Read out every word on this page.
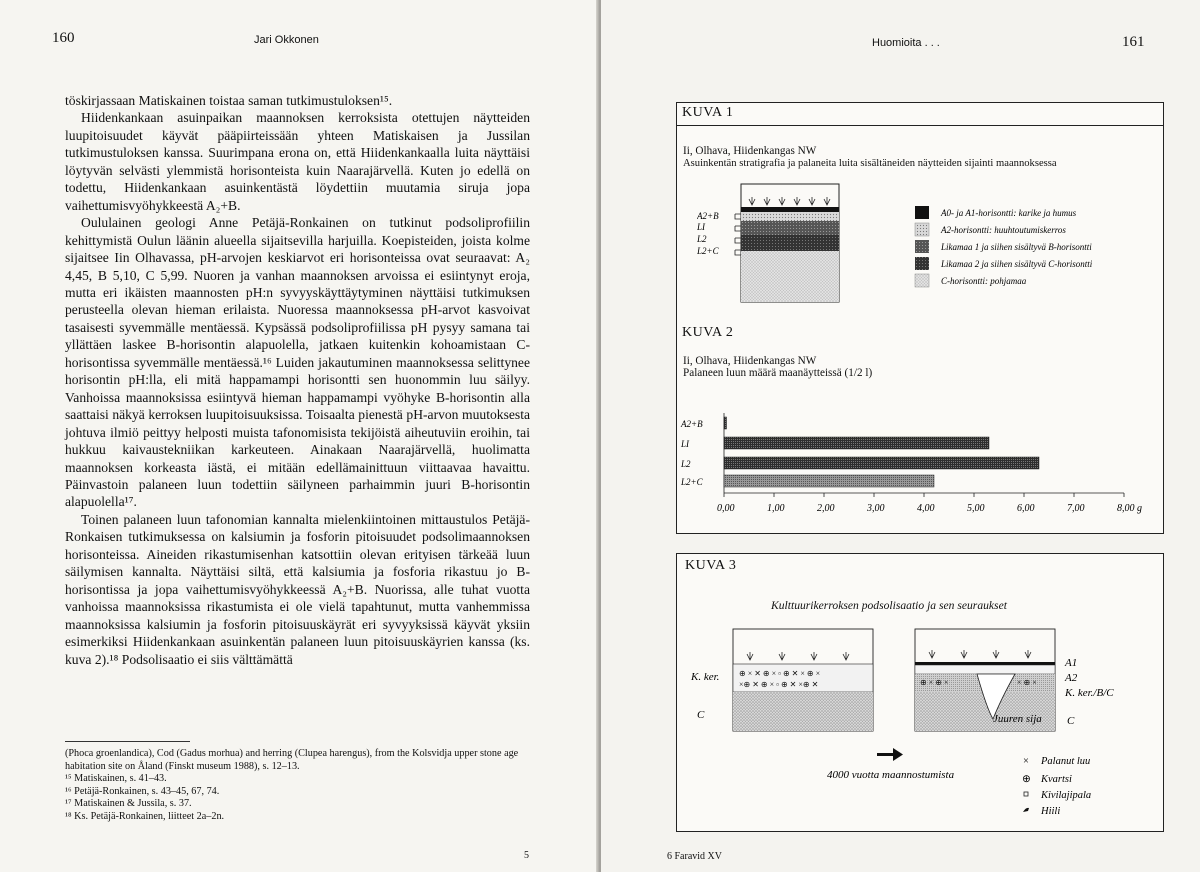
160	Jari Okkonen

töskirjassaan Matiskainen toistaa saman tutkimustuloksen¹⁵.

Hiidenkankaan asuinpaikan maannoksen kerroksista otettujen näytteiden luupitoisuudet käyvät pääpiirteissään yhteen Matiskaisen ja Jussilan tutkimustuloksen kanssa. Suurimpana erona on, että Hiidenkankaalla luita näyttäisi löytyvän selvästi ylemmistä horisonteista kuin Naarajärvellä. Kuten jo edellä on todettu, Hiidenkankaan asuinkentästä löydettiin muutamia siruja jopa vaihettumisvyöhykkeestä A₂+B.

Oululainen geologi Anne Petäjä-Ronkainen on tutkinut podsoliprofiilin kehittymistä Oulun läänin alueella sijaitsevilla harjuilla. Koepisteiden, joista kolme sijaitsee Iin Olhavassa, pH-arvojen keskiarvot eri horisonteissa ovat seuraavat: A₂ 4,45, B 5,10, C 5,99. Nuoren ja vanhan maannoksen arvoissa ei esiintynyt eroja, mutta eri ikäisten maannosten pH:n syvyyskäyttäytyminen näyttäisi tutkimuksen perusteella olevan hieman erilaista. Nuoressa maannoksessa pH-arvot kasvoivat tasaisesti syvemmälle mentäessä. Kypsässä podsoliprofiilissa pH pysyy samana tai yllättäen laskee B-horisontin alapuolella, jatkaen kuitenkin kohoamistaan C-horisontissa syvemmälle mentäessä.¹⁶ Luiden jakautuminen maannoksessa selittynee horisontin pH:lla, eli mitä happamampi horisontti sen huonommin luu säilyy. Vanhoissa maannoksissa esiintyvä hieman happamampi vyöhyke B-horisontin alla saattaisi näkyä kerroksen luupitoisuuksissa. Toisaalta pienestä pH-arvon muutoksesta johtuva ilmiö peittyy helposti muista tafonomisista tekijöistä aiheutuviin eroihin, tai hukkuu kaivaustekniikan karkeuteen. Ainakaan Naarajärvellä, huolimatta maannoksen korkeasta iästä, ei mitään edellämainittuun viittaavaa havaittu. Päinvastoin palaneen luun todettiin säilyneen parhaimmin juuri B-horisontin alapuolella¹⁷.

Toinen palaneen luun tafonomian kannalta mielenkiintoinen mittaustulos Petäjä-Ronkaisen tutkimuksessa on kalsiumin ja fosforin pitoisuudet podsolimaannoksen horisonteissa. Aineiden rikastumisenhan katsottiin olevan erityisen tärkeää luun säilymisen kannalta. Näyttäisi siltä, että kalsiumia ja fosforia rikastuu jo B-horisontissa ja jopa vaihettumisvyöhykkeessä A₂+B. Nuorissa, alle tuhat vuotta vanhoissa maannoksissa rikastumista ei ole vielä tapahtunut, mutta vanhemmissa maannoksissa kalsiumin ja fosforin pitoisuuskäyrät eri syvyyksissä käyvät yksiin esimerkiksi Hiidenkankaan asuinkentän palaneen luun pitoisuuskäyrien kanssa (ks. kuva 2).¹⁸ Podsolisaatio ei siis välttämättä

(Phoca groenlandica), Cod (Gadus morhua) and herring (Clupea harengus), from the Kolsvidja upper stone age habitation site on Åland (Finskt museum 1988), s. 12–13.
¹⁵ Matiskainen, s. 41–43.
¹⁶ Petäjä-Ronkainen, s. 43–45, 67, 74.
¹⁷ Matiskainen & Jussila, s. 37.
¹⁸ Ks. Petäjä-Ronkainen, liitteet 2a–2n.
5
Huomioita . . .	161
KUVA 1
Ii, Olhava, Hiidenkangas NW
Asuinkentän stratigrafia ja palaneita luita sisältäneiden näytteiden sijainti maannoksessa
A2+B
LI
L2
L2+C
A0- ja A1-horisontti: karike ja humus
A2-horisontti: huuhtoutumiskerros
Likamaa 1 ja siihen sisältyvä B-horisontti
Likamaa 2 ja siihen sisältyvä C-horisontti
C-horisontti: pohjamaa
KUVA 2
Ii, Olhava, Hiidenkangas NW
Palaneen luun määrä maanäytteissä (1/2 l)
A2+B
LI
L2
L2+C
0,00	1,00	2,00	3,00	4,00	5,00	6,00	7,00	8,00 g
KUVA 3
Kulttuurikerroksen podsolisaatio ja sen seuraukset
⊕ × ✕ ⊕ × ▫ ⊕ ✕ × ⊕ ×
×⊕ ✕ ⊕ × ▫ ⊕ ✕ ×⊕ ✕	⊕ × ⊕ ×	× ⊕ ×
K. ker.
C
A1
A2
K. ker./B/C
C
Juuren sija
4000 vuotta maannostumista
× Palanut luu
⊕ Kvartsi
Kivilajipala
Hiili
6 Faravid XV
